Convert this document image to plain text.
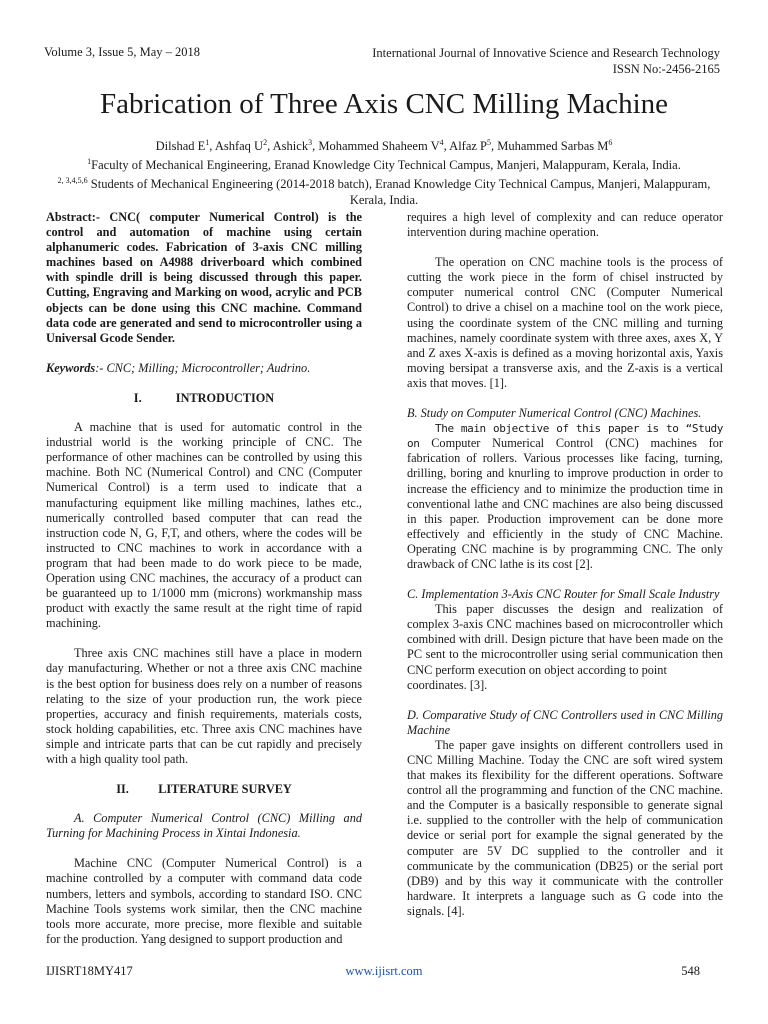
Volume 3, Issue 5, May – 2018	International Journal of Innovative Science and Research Technology
ISSN No:-2456-2165
Fabrication of Three Axis CNC Milling Machine
Dilshad $E^1$, Ashfaq $U^2$, Ashick$^3$, Mohammed Shaheem $V^4$, Alfaz $P^5$, Muhammed Sarbas $M^6$
$^1$Faculty of Mechanical Engineering, Eranad Knowledge City Technical Campus, Manjeri, Malappuram, Kerala, India.
$^{2, 3,4,5,6}$ Students of Mechanical Engineering (2014-2018 batch), Eranad Knowledge City Technical Campus, Manjeri, Malappuram,
Kerala, India.

Abstract:- CNC( computer Numerical Control) is the control and automation of machine using certain alphanumeric codes. Fabrication of 3-axis CNC milling machines based on A4988 driverboard which combined with spindle drill is being discussed through this paper. Cutting, Engraving and Marking on wood, acrylic and PCB objects can be done using this CNC machine. Command data code are generated and send to microcontroller using a Universal Gcode Sender.

Keywords:- CNC; Milling; Microcontroller; Audrino.

I.	INTRODUCTION

A machine that is used for automatic control in the industrial world is the working principle of CNC. The performance of other machines can be controlled by using this machine. Both NC (Numerical Control) and CNC (Computer Numerical Control) is a term used to indicate that a manufacturing equipment like milling machines, lathes etc., numerically controlled based computer that can read the instruction code N, G, F,T, and others, where the codes will be instructed to CNC machines to work in accordance with a program that had been made to do work piece to be made, Operation using CNC machines, the accuracy of a product can be guaranteed up to 1/1000 mm (microns) workmanship mass product with exactly the same result at the right time of rapid machining.

Three axis CNC machines still have a place in modern day manufacturing. Whether or not a three axis CNC machine is the best option for business does rely on a number of reasons relating to the size of your production run, the work piece properties, accuracy and finish requirements, materials costs, stock holding capabilities, etc. Three axis CNC machines have simple and intricate parts that can be cut rapidly and precisely with a high quality tool path.

II. LITERATURE SURVEY

A. Computer Numerical Control (CNC) Milling and Turning for Machining Process in Xintai Indonesia.

Machine CNC (Computer Numerical Control) is a machine controlled by a computer with command data code numbers, letters and symbols, according to standard ISO. CNC Machine Tools systems work similar, then the CNC machine tools more accurate, more precise, more flexible and suitable for the production. Yang designed to support production and

requires a high level of complexity and can reduce operator intervention during machine operation.

The operation on CNC machine tools is the process of cutting the work piece in the form of chisel instructed by computer numerical control CNC (Computer Numerical Control) to drive a chisel on a machine tool on the work piece, using the coordinate system of the CNC milling and turning machines, namely coordinate system with three axes, axes X, Y and Z axes X-axis is defined as a moving horizontal axis, Yaxis moving bersipat a transverse axis, and the Z-axis is a vertical axis that moves. [1].

B. Study on Computer Numerical Control (CNC) Machines.

The main objective of this paper is to “Study on Computer Numerical Control (CNC) machines for fabrication of rollers. Various processes like facing, turning, drilling, boring and knurling to improve production in order to increase the efficiency and to minimize the production time in conventional lathe and CNC machines are also being discussed in this paper. Production improvement can be done more effectively and efficiently in the study of CNC Machine. Operating CNC machine is by programming CNC. The only drawback of CNC lathe is its cost [2].

C. Implementation 3-Axis CNC Router for Small Scale Industry

This paper discusses the design and realization of complex 3-axis CNC machines based on microcontroller which combined with drill. Design picture that have been made on the PC sent to the microcontroller using serial communication then CNC perform execution on object according to point

coordinates. [3].

D. Comparative Study of CNC Controllers used in CNC Milling Machine

The paper gave insights on different controllers used in CNC Milling Machine. Today the CNC are soft wired system that makes its flexibility for the different operations. Software control all the programming and function of the CNC machine. and the Computer is a basically responsible to generate signal i.e. supplied to the controller with the help of communication device or serial port for example the signal generated by the computer are 5V DC supplied to the controller and it communicate by the communication (DB25) or the serial port (DB9) and by this way it communicate with the controller hardware. It interprets a language such as G code into the signals. [4].

IJISRT18MY417	www.ijisrt.com	548
